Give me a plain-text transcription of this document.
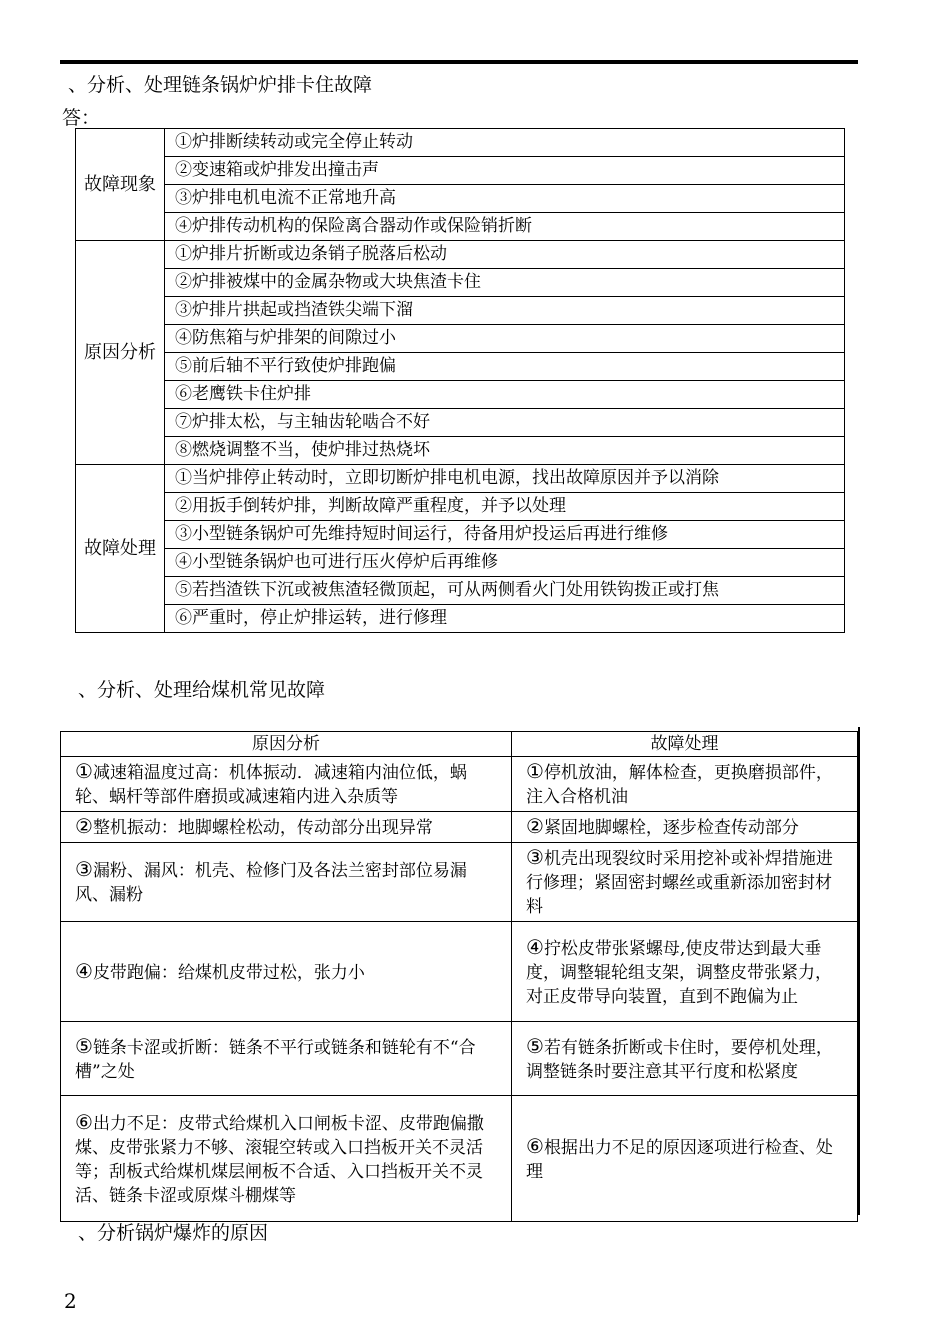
、分析、处理链条锅炉炉排卡住故障
答：
故障现象	①炉排断续转动或完全停止转动
	②变速箱或炉排发出撞击声
	③炉排电机电流不正常地升高
	④炉排传动机构的保险离合器动作或保险销折断
原因分析	①炉排片折断或边条销子脱落后松动
	②炉排被煤中的金属杂物或大块焦渣卡住
	③炉排片拱起或挡渣铁尖端下溜
	④防焦箱与炉排架的间隙过小
	⑤前后轴不平行致使炉排跑偏
	⑥老鹰铁卡住炉排
	⑦炉排太松，与主轴齿轮啮合不好
	⑧燃烧调整不当，使炉排过热烧坏
故障处理	①当炉排停止转动时，立即切断炉排电机电源，找出故障原因并予以消除
	②用扳手倒转炉排，判断故障严重程度，并予以处理
	③小型链条锅炉可先维持短时间运行，待备用炉投运后再进行维修
	④小型链条锅炉也可进行压火停炉后再维修
	⑤若挡渣铁下沉或被焦渣轻微顶起，可从两侧看火门处用铁钩拨正或打焦
	⑥严重时，停止炉排运转，进行修理
、分析、处理给煤机常见故障
原因分析	故障处理
①减速箱温度过高：机体振动．减速箱内油位低，蜗轮、蜗杆等部件磨损或减速箱内进入杂质等	①停机放油，解体检查，更换磨损部件，注入合格机油
②整机振动：地脚螺栓松动，传动部分出现异常	②紧固地脚螺栓，逐步检查传动部分
③漏粉、漏风：机壳、检修门及各法兰密封部位易漏风、漏粉	③机壳出现裂纹时采用挖补或补焊措施进行修理；紧固密封螺丝或重新添加密封材料
④皮带跑偏：给煤机皮带过松，张力小	④拧松皮带张紧螺母,使皮带达到最大垂度，调整辊轮组支架，调整皮带张紧力，对正皮带导向装置，直到不跑偏为止
⑤链条卡涩或折断：链条不平行或链条和链轮有不“合槽”之处	⑤若有链条折断或卡住时，要停机处理，调整链条时要注意其平行度和松紧度
⑥出力不足：皮带式给煤机入口闸板卡涩、皮带跑偏撒煤、皮带张紧力不够、滚辊空转或入口挡板开关不灵活等；刮板式给煤机煤层闸板不合适、入口挡板开关不灵活、链条卡涩或原煤斗棚煤等	⑥根据出力不足的原因逐项进行检查、处理
、分析锅炉爆炸的原因
2
